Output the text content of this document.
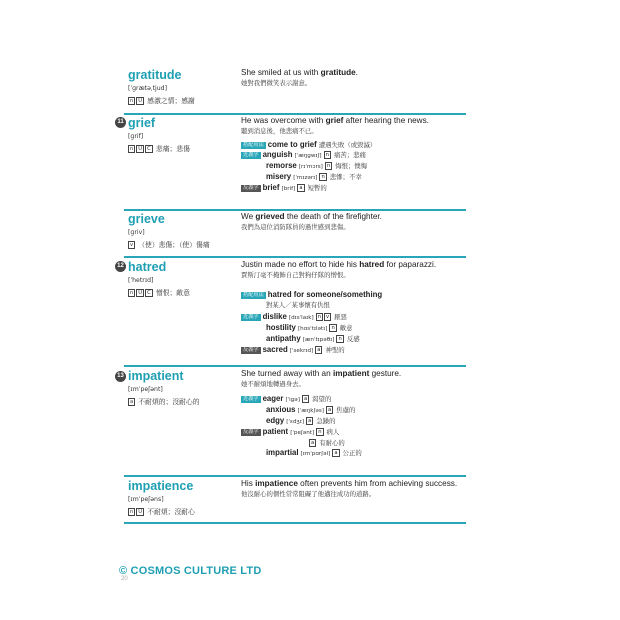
gratitude
[ˈɡrætəˌtjud]
n U 感激之情；感謝
She smiled at us with gratitude.
她對我們微笑表示謝意。
11 grief
[ɡrif]
n U C 悲痛；悲傷
He was overcome with grief after hearing the news.
聽到消息後，他悲痛不已。
搭配用法 come to grief 遭遇失敗（或毀滅）
近義字 anguish [ˈæŋɡwɪʃ] n 痛苦；悲痛
remorse [rɪˈmɔrs] n 悔恨；懊悔
misery [ˈmɪzərɪ] n 悲慘；不幸
反義字 brief [brif] a 短暫的
grieve
[ɡriv]
v （使）悲傷；（使）傷痛
We grieved the death of the firefighter.
我們為這位消防隊員的過世感到悲傷。
12 hatred
[ˈhetrɪd]
n U C 憎恨；敵意
Justin made no effort to hide his hatred for paparazzi.
賈斯汀毫不掩飾自己對狗仔隊的憎恨。
搭配用法 hatred for someone/something
對某人／某事懷有仇恨
近義字 dislike [dɪsˈlaɪk] n v 厭惡
hostility [hɑsˈtɪlətɪ] n 敵意
antipathy [ænˈtɪpəθɪ] n 反感
反義字 sacred [ˈsekrɪd] a 神聖的
13 impatient
[ɪmˈpeʃənt]
a 不耐煩的；沒耐心的
She turned away with an impatient gesture.
她不耐煩地轉過身去。
近義字 eager [ˈiɡə] a 渴望的
anxious [ˈæŋkʃəs] a 焦慮的
edgy [ˈɛdʒɪ] a 急躁的
反義字 patient [ˈpeʃənt] n 病人
a 有耐心的
impartial [ɪmˈpɑrʃəl] a 公正的
impatience
[ɪmˈpeʃəns]
n U 不耐煩；沒耐心
His impatience often prevents him from achieving success.
他沒耐心的個性常常阻礙了他邁往成功的道路。
© COSMOS CULTURE LTD
20
